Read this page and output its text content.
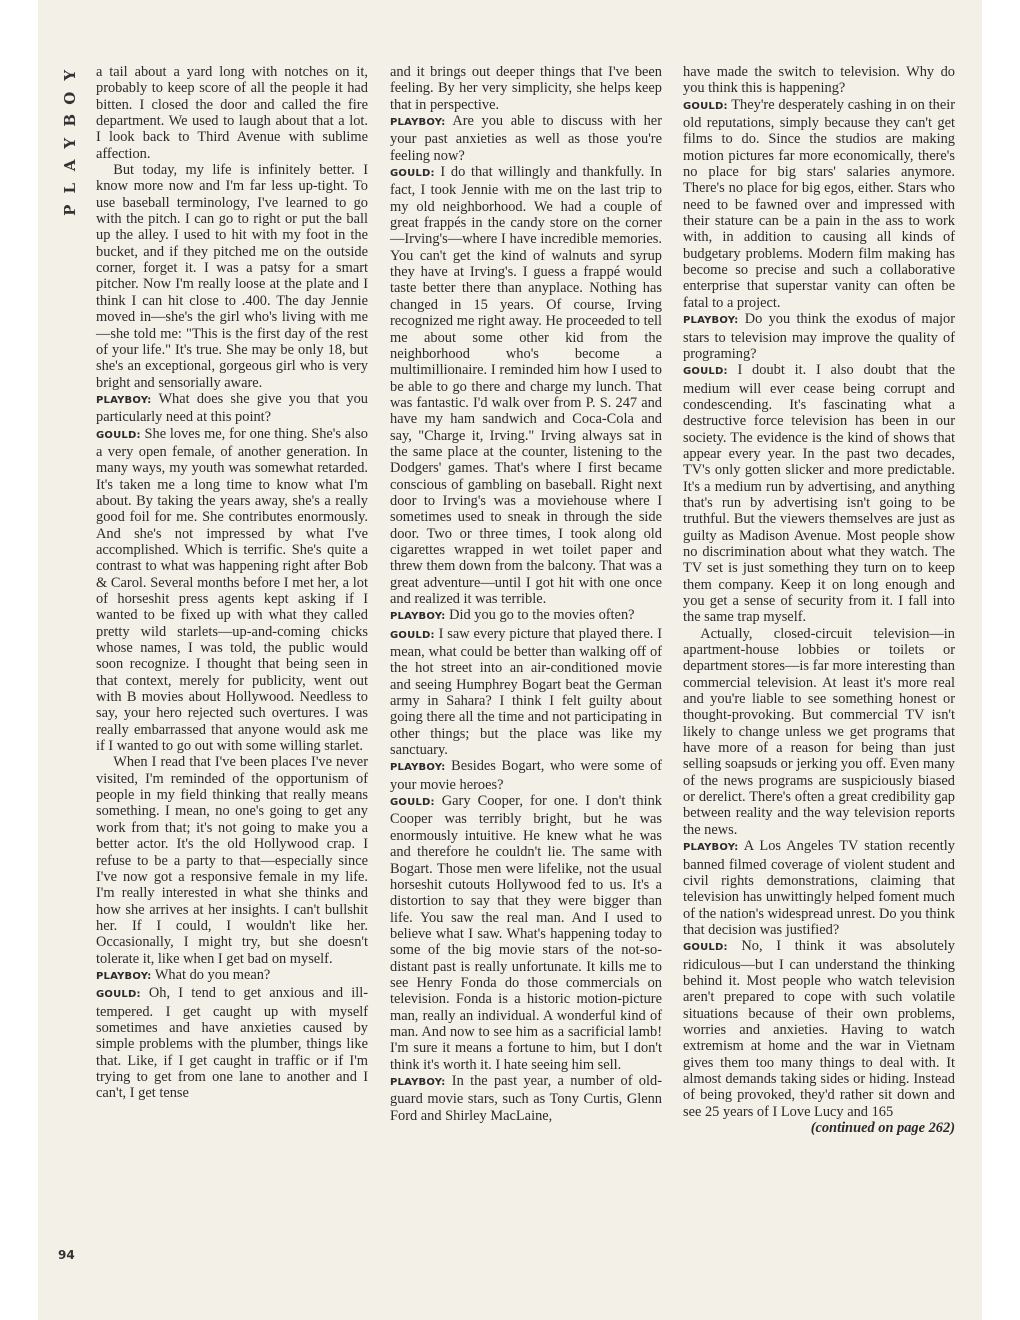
Y
O
B
Y
A
L
P

a tail about a yard long with notches on it, probably to keep score of all the people it had bitten. I closed the door and called the fire department. We used to laugh about that a lot. I look back to Third Avenue with sublime affection.

But today, my life is infinitely better. I know more now and I'm far less up-tight. To use baseball terminology, I've learned to go with the pitch. I can go to right or put the ball up the alley. I used to hit with my foot in the bucket, and if they pitched me on the outside corner, forget it. I was a patsy for a smart pitcher. Now I'm really loose at the plate and I think I can hit close to .400. The day Jennie moved in—she's the girl who's living with me—she told me: "This is the first day of the rest of your life." It's true. She may be only 18, but she's an exceptional, gorgeous girl who is very bright and sensorially aware.

PLAYBOY: What does she give you that you particularly need at this point?

GOULD: She loves me, for one thing. She's also a very open female, of another generation. In many ways, my youth was somewhat retarded. It's taken me a long time to know what I'm about. By taking the years away, she's a really good foil for me. She contributes enormously. And she's not impressed by what I've accomplished. Which is terrific. She's quite a contrast to what was happening right after Bob & Carol. Several months before I met her, a lot of horseshit press agents kept asking if I wanted to be fixed up with what they called pretty wild starlets—up-and-coming chicks whose names, I was told, the public would soon recognize. I thought that being seen in that context, merely for publicity, went out with B movies about Hollywood. Needless to say, your hero rejected such overtures. I was really embarrassed that anyone would ask me if I wanted to go out with some willing starlet.

When I read that I've been places I've never visited, I'm reminded of the opportunism of people in my field thinking that really means something. I mean, no one's going to get any work from that; it's not going to make you a better actor. It's the old Hollywood crap. I refuse to be a party to that—especially since I've now got a responsive female in my life. I'm really interested in what she thinks and how she arrives at her insights. I can't bullshit her. If I could, I wouldn't like her. Occasionally, I might try, but she doesn't tolerate it, like when I get bad on myself.

PLAYBOY: What do you mean?

GOULD: Oh, I tend to get anxious and ill-tempered. I get caught up with myself sometimes and have anxieties caused by simple problems with the plumber, things like that. Like, if I get caught in traffic or if I'm trying to get from one lane to another and I can't, I get tense

and it brings out deeper things that I've been feeling. By her very simplicity, she helps keep that in perspective.

PLAYBOY: Are you able to discuss with her your past anxieties as well as those you're feeling now?

GOULD: I do that willingly and thankfully. In fact, I took Jennie with me on the last trip to my old neighborhood. We had a couple of great frappés in the candy store on the corner—Irving's—where I have incredible memories. You can't get the kind of walnuts and syrup they have at Irving's. I guess a frappé would taste better there than anyplace. Nothing has changed in 15 years. Of course, Irving recognized me right away. He proceeded to tell me about some other kid from the neighborhood who's become a multimillionaire. I reminded him how I used to be able to go there and charge my lunch. That was fantastic. I'd walk over from P. S. 247 and have my ham sandwich and Coca-Cola and say, "Charge it, Irving." Irving always sat in the same place at the counter, listening to the Dodgers' games. That's where I first became conscious of gambling on baseball. Right next door to Irving's was a moviehouse where I sometimes used to sneak in through the side door. Two or three times, I took along old cigarettes wrapped in wet toilet paper and threw them down from the balcony. That was a great adventure—until I got hit with one once and realized it was terrible.

PLAYBOY: Did you go to the movies often?

GOULD: I saw every picture that played there. I mean, what could be better than walking off of the hot street into an air-conditioned movie and seeing Humphrey Bogart beat the German army in Sahara? I think I felt guilty about going there all the time and not participating in other things; but the place was like my sanctuary.

PLAYBOY: Besides Bogart, who were some of your movie heroes?

GOULD: Gary Cooper, for one. I don't think Cooper was terribly bright, but he was enormously intuitive. He knew what he was and therefore he couldn't lie. The same with Bogart. Those men were lifelike, not the usual horseshit cutouts Hollywood fed to us. It's a distortion to say that they were bigger than life. You saw the real man. And I used to believe what I saw. What's happening today to some of the big movie stars of the not-so-distant past is really unfortunate. It kills me to see Henry Fonda do those commercials on television. Fonda is a historic motion-picture man, really an individual. A wonderful kind of man. And now to see him as a sacrificial lamb! I'm sure it means a fortune to him, but I don't think it's worth it. I hate seeing him sell.

PLAYBOY: In the past year, a number of old-guard movie stars, such as Tony Curtis, Glenn Ford and Shirley MacLaine,

have made the switch to television. Why do you think this is happening?

GOULD: They're desperately cashing in on their old reputations, simply because they can't get films to do. Since the studios are making motion pictures far more economically, there's no place for big stars' salaries anymore. There's no place for big egos, either. Stars who need to be fawned over and impressed with their stature can be a pain in the ass to work with, in addition to causing all kinds of budgetary problems. Modern film making has become so precise and such a collaborative enterprise that superstar vanity can often be fatal to a project.

PLAYBOY: Do you think the exodus of major stars to television may improve the quality of programing?

GOULD: I doubt it. I also doubt that the medium will ever cease being corrupt and condescending. It's fascinating what a destructive force television has been in our society. The evidence is the kind of shows that appear every year. In the past two decades, TV's only gotten slicker and more predictable. It's a medium run by advertising, and anything that's run by advertising isn't going to be truthful. But the viewers themselves are just as guilty as Madison Avenue. Most people show no discrimination about what they watch. The TV set is just something they turn on to keep them company. Keep it on long enough and you get a sense of security from it. I fall into the same trap myself.

Actually, closed-circuit television—in apartment-house lobbies or toilets or department stores—is far more interesting than commercial television. At least it's more real and you're liable to see something honest or thought-provoking. But commercial TV isn't likely to change unless we get programs that have more of a reason for being than just selling soapsuds or jerking you off. Even many of the news programs are suspiciously biased or derelict. There's often a great credibility gap between reality and the way television reports the news.

PLAYBOY: A Los Angeles TV station recently banned filmed coverage of violent student and civil rights demonstrations, claiming that television has unwittingly helped foment much of the nation's widespread unrest. Do you think that decision was justified?

GOULD: No, I think it was absolutely ridiculous—but I can understand the thinking behind it. Most people who watch television aren't prepared to cope with such volatile situations because of their own problems, worries and anxieties. Having to watch extremism at home and the war in Vietnam gives them too many things to deal with. It almost demands taking sides or hiding. Instead of being provoked, they'd rather sit down and see 25 years of I Love Lucy and 165

(continued on page 262)

94
